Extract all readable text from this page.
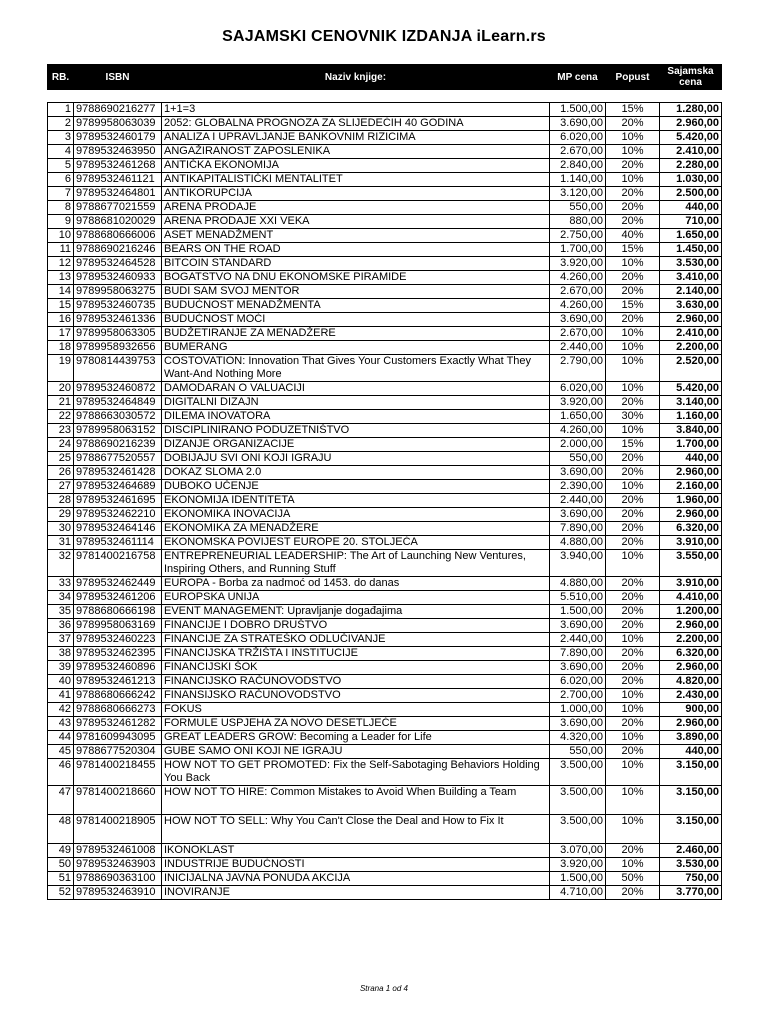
SAJAMSKI CENOVNIK IZDANJA iLearn.rs
RB.	ISBN	Naziv knjige:	MP cena	Popust	Sajamska cena

1	9788690216277	1+1=3	1.500,00	15%	1.280,00
2	9789958063039	2052: GLOBALNA PROGNOZA ZA SLIJEDEĆIH 40 GODINA	3.690,00	20%	2.960,00
3	9789532460179	ANALIZA I UPRAVLJANJE BANKOVNIM RIZICIMA	6.020,00	10%	5.420,00
4	9789532463950	ANGAŽIRANOST ZAPOSLENIKA	2.670,00	10%	2.410,00
5	9789532461268	ANTIČKA EKONOMIJA	2.840,00	20%	2.280,00
6	9789532461121	ANTIKAPITALISTIČKI MENTALITET	1.140,00	10%	1.030,00
7	9789532464801	ANTIKORUPCIJA	3.120,00	20%	2.500,00
8	9788677021559	ARENA PRODAJE	550,00	20%	440,00
9	9788681020029	ARENA PRODAJE XXI VEKA	880,00	20%	710,00
10	9788680666006	ASET MENADŽMENT	2.750,00	40%	1.650,00
11	9788690216246	BEARS ON THE ROAD	1.700,00	15%	1.450,00
12	9789532464528	BITCOIN STANDARD	3.920,00	10%	3.530,00
13	9789532460933	BOGATSTVO NA DNU EKONOMSKE PIRAMIDE	4.260,00	20%	3.410,00
14	9789958063275	BUDI SAM SVOJ MENTOR	2.670,00	20%	2.140,00
15	9789532460735	BUDUĆNOST MENADŽMENTA	4.260,00	15%	3.630,00
16	9789532461336	BUDUĆNOST MOĆI	3.690,00	20%	2.960,00
17	9789958063305	BUDŽETIRANJE ZA MENADŽERE	2.670,00	10%	2.410,00
18	9789958932656	BUMERANG	2.440,00	10%	2.200,00
19	9780814439753	COSTOVATION: Innovation That Gives Your Customers Exactly What They Want-And Nothing More	2.790,00	10%	2.520,00
20	9789532460872	DAMODARAN O VALUACIJI	6.020,00	10%	5.420,00
21	9789532464849	DIGITALNI DIZAJN	3.920,00	20%	3.140,00
22	9788663030572	DILEMA INOVATORA	1.650,00	30%	1.160,00
23	9789958063152	DISCIPLINIRANO PODUZETNIŠTVO	4.260,00	10%	3.840,00
24	9788690216239	DIZANJE ORGANIZACIJE	2.000,00	15%	1.700,00
25	9788677520557	DOBIJAJU SVI ONI KOJI IGRAJU	550,00	20%	440,00
26	9789532461428	DOKAZ SLOMA 2.0	3.690,00	20%	2.960,00
27	9789532464689	DUBOKO UČENJE	2.390,00	10%	2.160,00
28	9789532461695	EKONOMIJA IDENTITETA	2.440,00	20%	1.960,00
29	9789532462210	EKONOMIKA INOVACIJA	3.690,00	20%	2.960,00
30	9789532464146	EKONOMIKA ZA MENADŽERE	7.890,00	20%	6.320,00
31	9789532461114	EKONOMSKA POVIJEST EUROPE 20. STOLJEĆA	4.880,00	20%	3.910,00
32	9781400216758	ENTREPRENEURIAL LEADERSHIP: The Art of Launching New Ventures, Inspiring Others, and Running Stuff	3.940,00	10%	3.550,00
33	9789532462449	EUROPA - Borba za nadmoć od 1453. do danas	4.880,00	20%	3.910,00
34	9789532461206	EUROPSKA UNIJA	5.510,00	20%	4.410,00
35	9788680666198	EVENT MANAGEMENT: Upravljanje događajima	1.500,00	20%	1.200,00
36	9789958063169	FINANCIJE I DOBRO DRUŠTVO	3.690,00	20%	2.960,00
37	9789532460223	FINANCIJE ZA STRATEŠKO ODLUČIVANJE	2.440,00	10%	2.200,00
38	9789532462395	FINANCIJSKA TRŽIŠTA I INSTITUCIJE	7.890,00	20%	6.320,00
39	9789532460896	FINANCIJSKI ŠOK	3.690,00	20%	2.960,00
40	9789532461213	FINANCIJSKO RAČUNOVODSTVO	6.020,00	20%	4.820,00
41	9788680666242	FINANSIJSKO RAČUNOVODSTVO	2.700,00	10%	2.430,00
42	9788680666273	FOKUS	1.000,00	10%	900,00
43	9789532461282	FORMULE USPJEHA ZA NOVO DESETLJEĆE	3.690,00	20%	2.960,00
44	9781609943095	GREAT LEADERS GROW: Becoming a Leader for Life	4.320,00	10%	3.890,00
45	9788677520304	GUBE SAMO ONI KOJI NE IGRAJU	550,00	20%	440,00
46	9781400218455	HOW NOT TO GET PROMOTED: Fix the Self-Sabotaging Behaviors Holding You Back	3.500,00	10%	3.150,00
47	9781400218660	HOW NOT TO HIRE: Common Mistakes to Avoid When Building a Team	3.500,00	10%	3.150,00
48	9781400218905	HOW NOT TO SELL: Why You Can't Close the Deal and How to Fix It	3.500,00	10%	3.150,00
49	9789532461008	IKONOKLAST	3.070,00	20%	2.460,00
50	9789532463903	INDUSTRIJE BUDUĆNOSTI	3.920,00	10%	3.530,00
51	9788690363100	INICIJALNA JAVNA PONUDA AKCIJA	1.500,00	50%	750,00
52	9789532463910	INOVIRANJE	4.710,00	20%	3.770,00
Strana 1 od 4
